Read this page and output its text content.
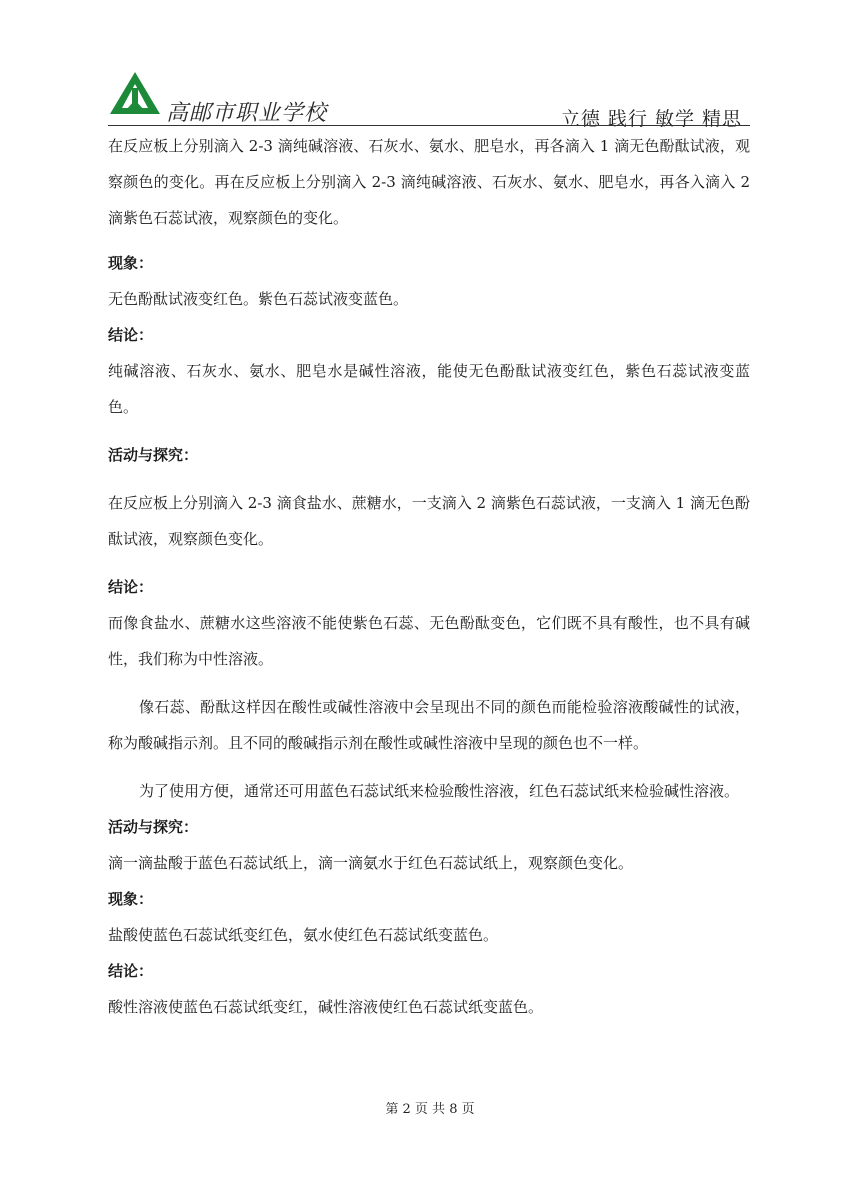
高邮市职业学校	立德 践行 敏学 精思

在反应板上分别滴入 2-3 滴纯碱溶液、石灰水、氨水、肥皂水，再各滴入 1 滴无色酚酞试液，观察颜色的变化。再在反应板上分别滴入 2-3 滴纯碱溶液、石灰水、氨水、肥皂水，再各入滴入 2 滴紫色石蕊试液，观察颜色的变化。

现象：

无色酚酞试液变红色。紫色石蕊试液变蓝色。

结论：

纯碱溶液、石灰水、氨水、肥皂水是碱性溶液，能使无色酚酞试液变红色，紫色石蕊试液变蓝色。

活动与探究：

在反应板上分别滴入 2-3 滴食盐水、蔗糖水，一支滴入 2 滴紫色石蕊试液，一支滴入 1 滴无色酚酞试液，观察颜色变化。

结论：

而像食盐水、蔗糖水这些溶液不能使紫色石蕊、无色酚酞变色，它们既不具有酸性，也不具有碱性，我们称为中性溶液。

像石蕊、酚酞这样因在酸性或碱性溶液中会呈现出不同的颜色而能检验溶液酸碱性的试液，称为酸碱指示剂。且不同的酸碱指示剂在酸性或碱性溶液中呈现的颜色也不一样。

为了使用方便，通常还可用蓝色石蕊试纸来检验酸性溶液，红色石蕊试纸来检验碱性溶液。

活动与探究：

滴一滴盐酸于蓝色石蕊试纸上，滴一滴氨水于红色石蕊试纸上，观察颜色变化。

现象：

盐酸使蓝色石蕊试纸变红色，氨水使红色石蕊试纸变蓝色。

结论：

酸性溶液使蓝色石蕊试纸变红，碱性溶液使红色石蕊试纸变蓝色。

第 2 页 共 8 页
